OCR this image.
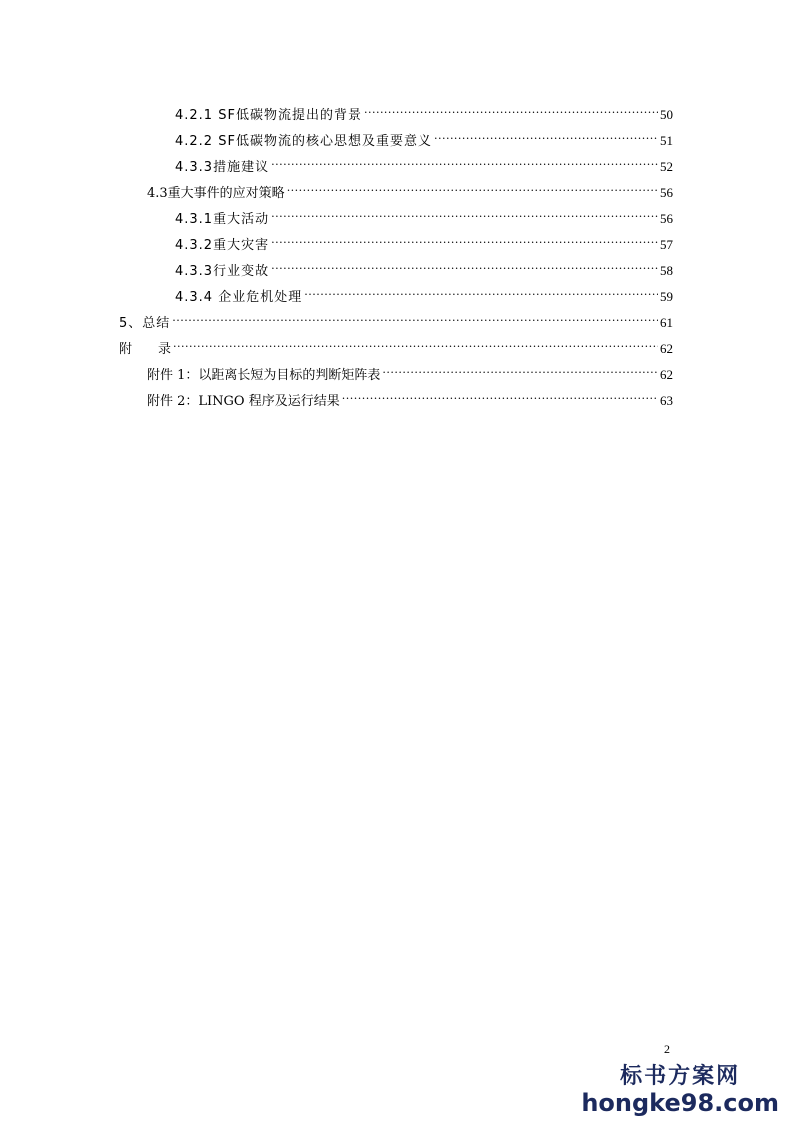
4.2.1 SF低碳物流提出的背景 .....	50
4.2.2 SF低碳物流的核心思想及重要意义 .....	51
4.3.3措施建议 .....	52
4.3重大事件的应对策略 .....	56
4.3.1重大活动 .....	56
4.3.2重大灾害 .....	57
4.3.3行业变故 .....	58
4.3.4 企业危机处理 .....	59
5、总结 .....	61
附　　录 .....	62
附件 1：以距离长短为目标的判断矩阵表 .....	62
附件 2：LINGO 程序及运行结果 .....	63
2
标书方案网
hongke98.com
